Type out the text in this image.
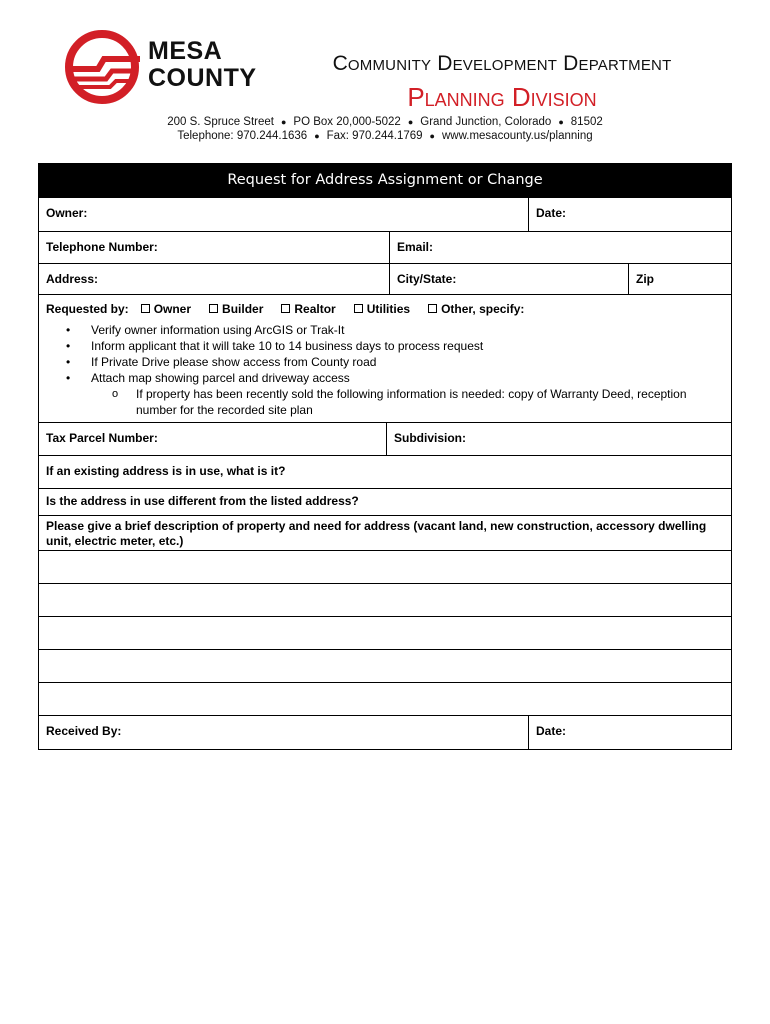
MESA
COUNTY
Community Development Department
Planning Division
200 S. Spruce Street ● PO Box 20,000-5022 ● Grand Junction, Colorado ● 81502
Telephone: 970.244.1636 ● Fax: 970.244.1769 ● www.mesacounty.us/planning
Request for Address Assignment or Change
Owner:	Date:
Telephone Number:	Email:
Address:	City/State:	Zip
Requested by: Owner	Builder	Realtor	Utilities	Other, specify:
• Verify owner information using ArcGIS or Trak-It
• Inform applicant that it will take 10 to 14 business days to process request
• If Private Drive please show access from County road
• Attach map showing parcel and driveway access
o If property has been recently sold the following information is needed: copy of Warranty Deed, reception number for the recorded site plan
Tax Parcel Number:	Subdivision:
If an existing address is in use, what is it?
Is the address in use different from the listed address?
Please give a brief description of property and need for address (vacant land, new construction, accessory dwelling unit, electric meter, etc.)
Received By:	Date:
